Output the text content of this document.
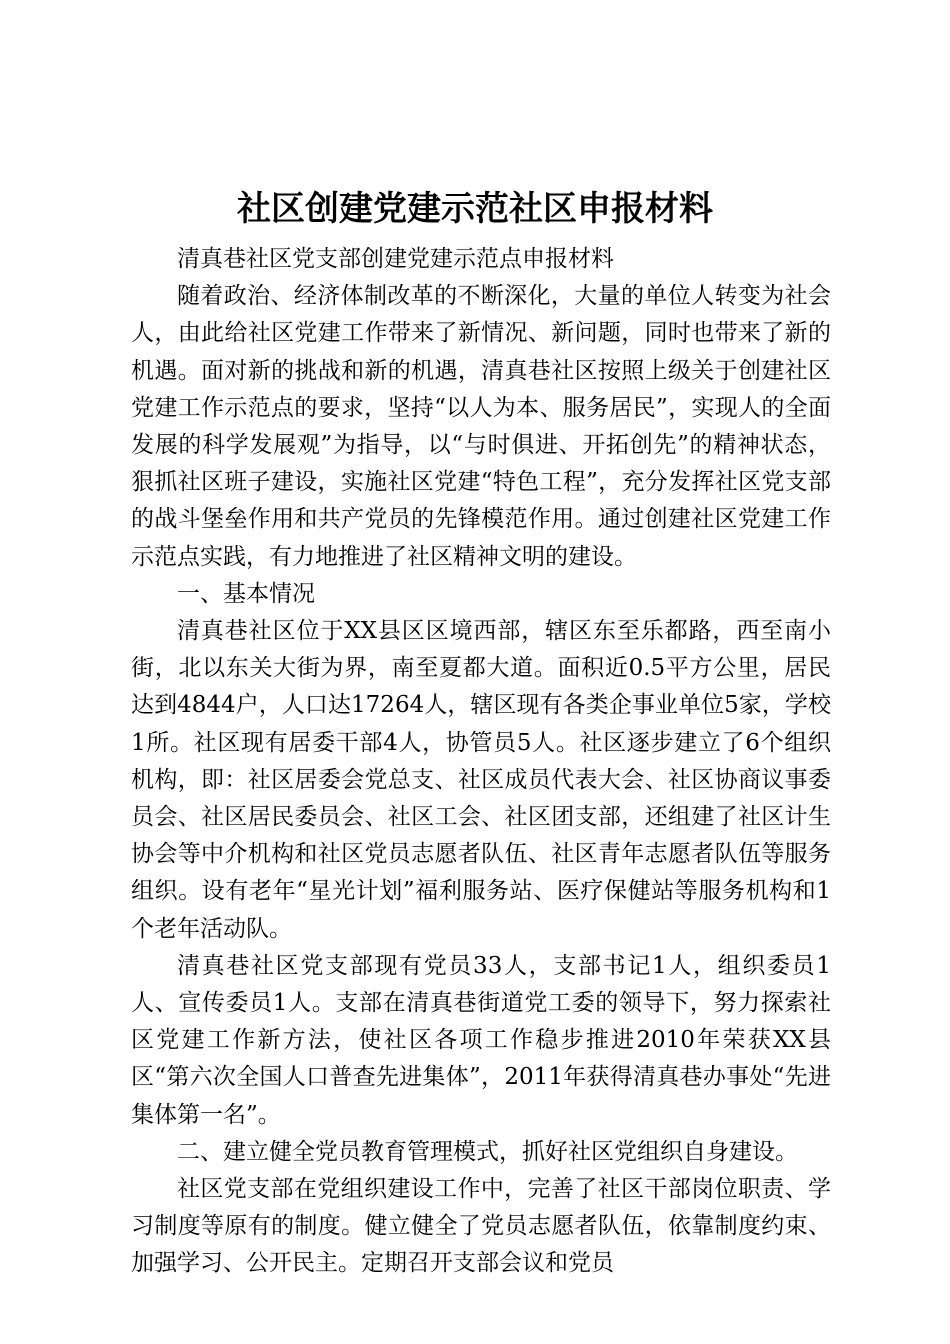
社区创建党建示范社区申报材料

清真巷社区党支部创建党建示范点申报材料

随着政治、经济体制改革的不断深化，大量的单位人转变为社会人，由此给社区党建工作带来了新情况、新问题，同时也带来了新的机遇。面对新的挑战和新的机遇，清真巷社区按照上级关于创建社区党建工作示范点的要求，坚持“以人为本、服务居民”，实现人的全面发展的科学发展观”为指导，以“与时俱进、开拓创先”的精神状态，狠抓社区班子建设，实施社区党建“特色工程”，充分发挥社区党支部的战斗堡垒作用和共产党员的先锋模范作用。通过创建社区党建工作示范点实践，有力地推进了社区精神文明的建设。

一、基本情况

清真巷社区位于XX县区区境西部，辖区东至乐都路，西至南小街，北以东关大街为界，南至夏都大道。面积近0.5平方公里，居民达到4844户，人口达17264人，辖区现有各类企事业单位5家，学校1所。社区现有居委干部4人，协管员5人。社区逐步建立了6个组织机构，即：社区居委会党总支、社区成员代表大会、社区协商议事委员会、社区居民委员会、社区工会、社区团支部，还组建了社区计生协会等中介机构和社区党员志愿者队伍、社区青年志愿者队伍等服务组织。设有老年“星光计划”福利服务站、医疗保健站等服务机构和1个老年活动队。

清真巷社区党支部现有党员33人，支部书记1人，组织委员1人、宣传委员1人。支部在清真巷街道党工委的领导下，努力探索社区党建工作新方法，使社区各项工作稳步推进2010年荣获XX县区“第六次全国人口普查先进集体”，2011年获得清真巷办事处“先进集体第一名”。

二、建立健全党员教育管理模式，抓好社区党组织自身建设。

社区党支部在党组织建设工作中，完善了社区干部岗位职责、学习制度等原有的制度。健立健全了党员志愿者队伍，依靠制度约束、加强学习、公开民主。定期召开支部会议和党员
